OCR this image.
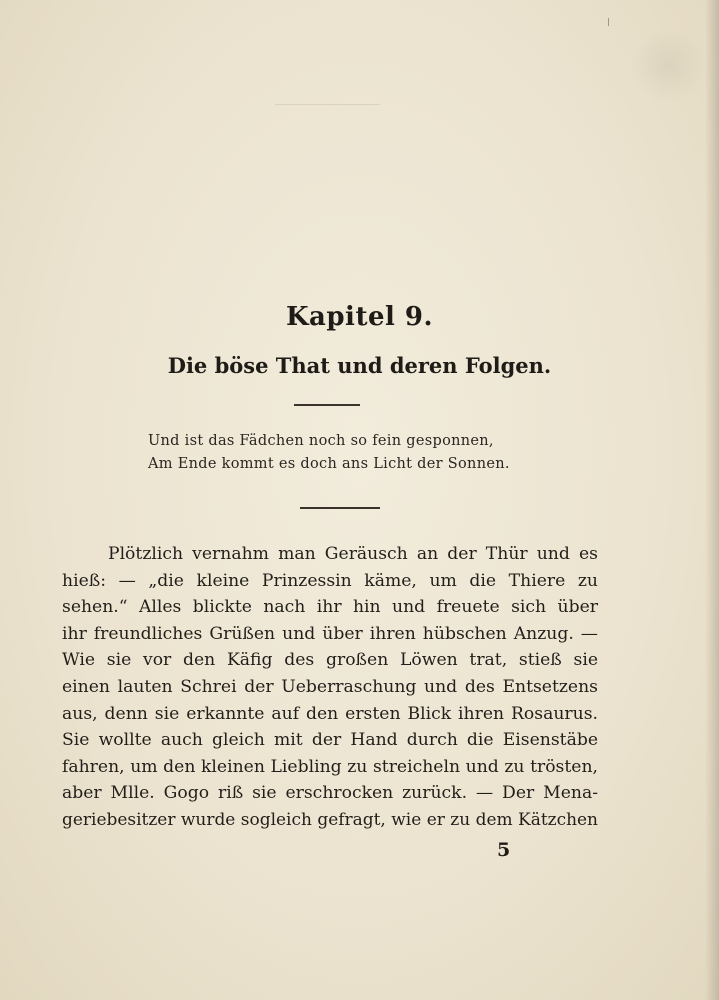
Kapitel 9.
Die böse That und deren Folgen.
Und ist das Fädchen noch so fein gesponnen,
Am Ende kommt es doch ans Licht der Sonnen.
Plötzlich vernahm man Geräusch an der Thür und es
hieß: — „die kleine Prinzessin käme, um die Thiere zu
sehen.“ Alles blickte nach ihr hin und freuete sich über
ihr freundliches Grüßen und über ihren hübschen Anzug. —
Wie sie vor den Käfig des großen Löwen trat, stieß sie
einen lauten Schrei der Ueberraschung und des Entsetzens
aus, denn sie erkannte auf den ersten Blick ihren Rosaurus.
Sie wollte auch gleich mit der Hand durch die Eisenstäbe
fahren, um den kleinen Liebling zu streicheln und zu trösten,
aber Mlle. Gogo riß sie erschrocken zurück. — Der Mena-
geriebesitzer wurde sogleich gefragt, wie er zu dem Kätzchen
5
